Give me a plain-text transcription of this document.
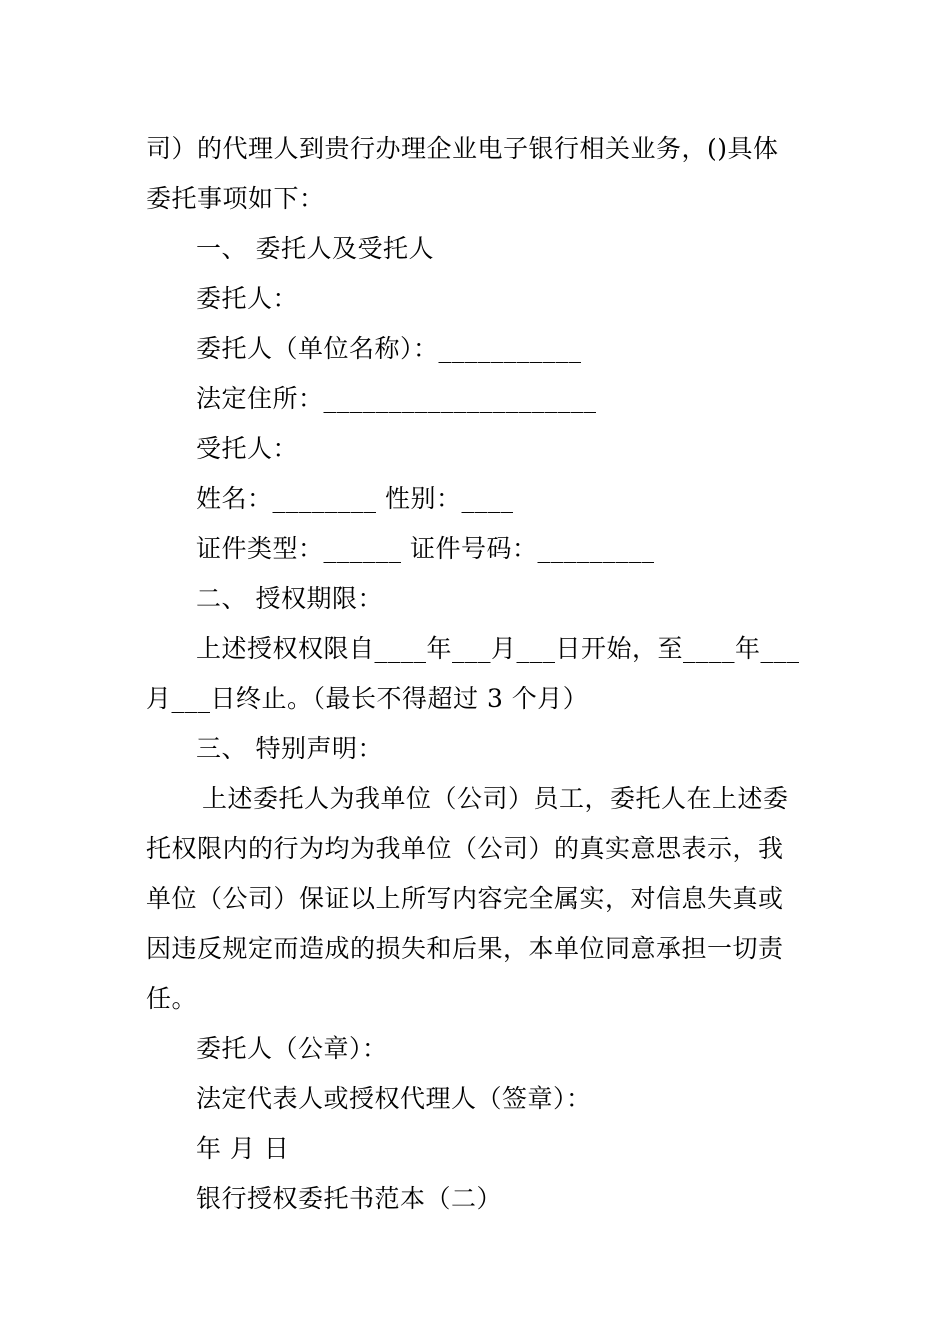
司）的代理人到贵行办理企业电子银行相关业务，()具体
委托事项如下：
一、 委托人及受托人
委托人：
委托人（单位名称）：___________
法定住所：_____________________
受托人：
姓名：________ 性别：____
证件类型：______ 证件号码：_________
二、 授权期限：
上述授权权限自____年___月___日开始，至____年___
月___日终止。（最长不得超过 3 个月）
三、 特别声明：
上述委托人为我单位（公司）员工，委托人在上述委
托权限内的行为均为我单位（公司）的真实意思表示，我
单位（公司）保证以上所写内容完全属实，对信息失真或
因违反规定而造成的损失和后果，本单位同意承担一切责
任。
委托人（公章）：
法定代表人或授权代理人（签章）：
年 月 日
银行授权委托书范本（二）
